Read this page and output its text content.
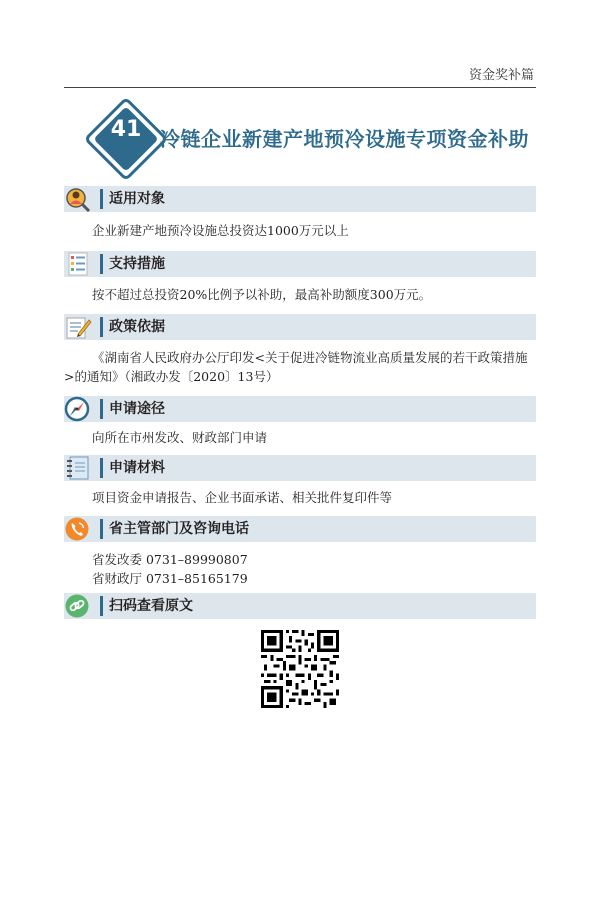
资金奖补篇
41 冷链企业新建产地预冷设施专项资金补助
适用对象
企业新建产地预冷设施总投资达1000万元以上
支持措施
按不超过总投资20%比例予以补助，最高补助额度300万元。
政策依据
《湖南省人民政府办公厅印发<关于促进冷链物流业高质量发展的若干政策措施>的通知》（湘政办发〔2020〕13号）
申请途径
向所在市州发改、财政部门申请
申请材料
项目资金申请报告、企业书面承诺、相关批件复印件等
省主管部门及咨询电话
省发改委 0731–89990807
省财政厅 0731–85165179
扫码查看原文
